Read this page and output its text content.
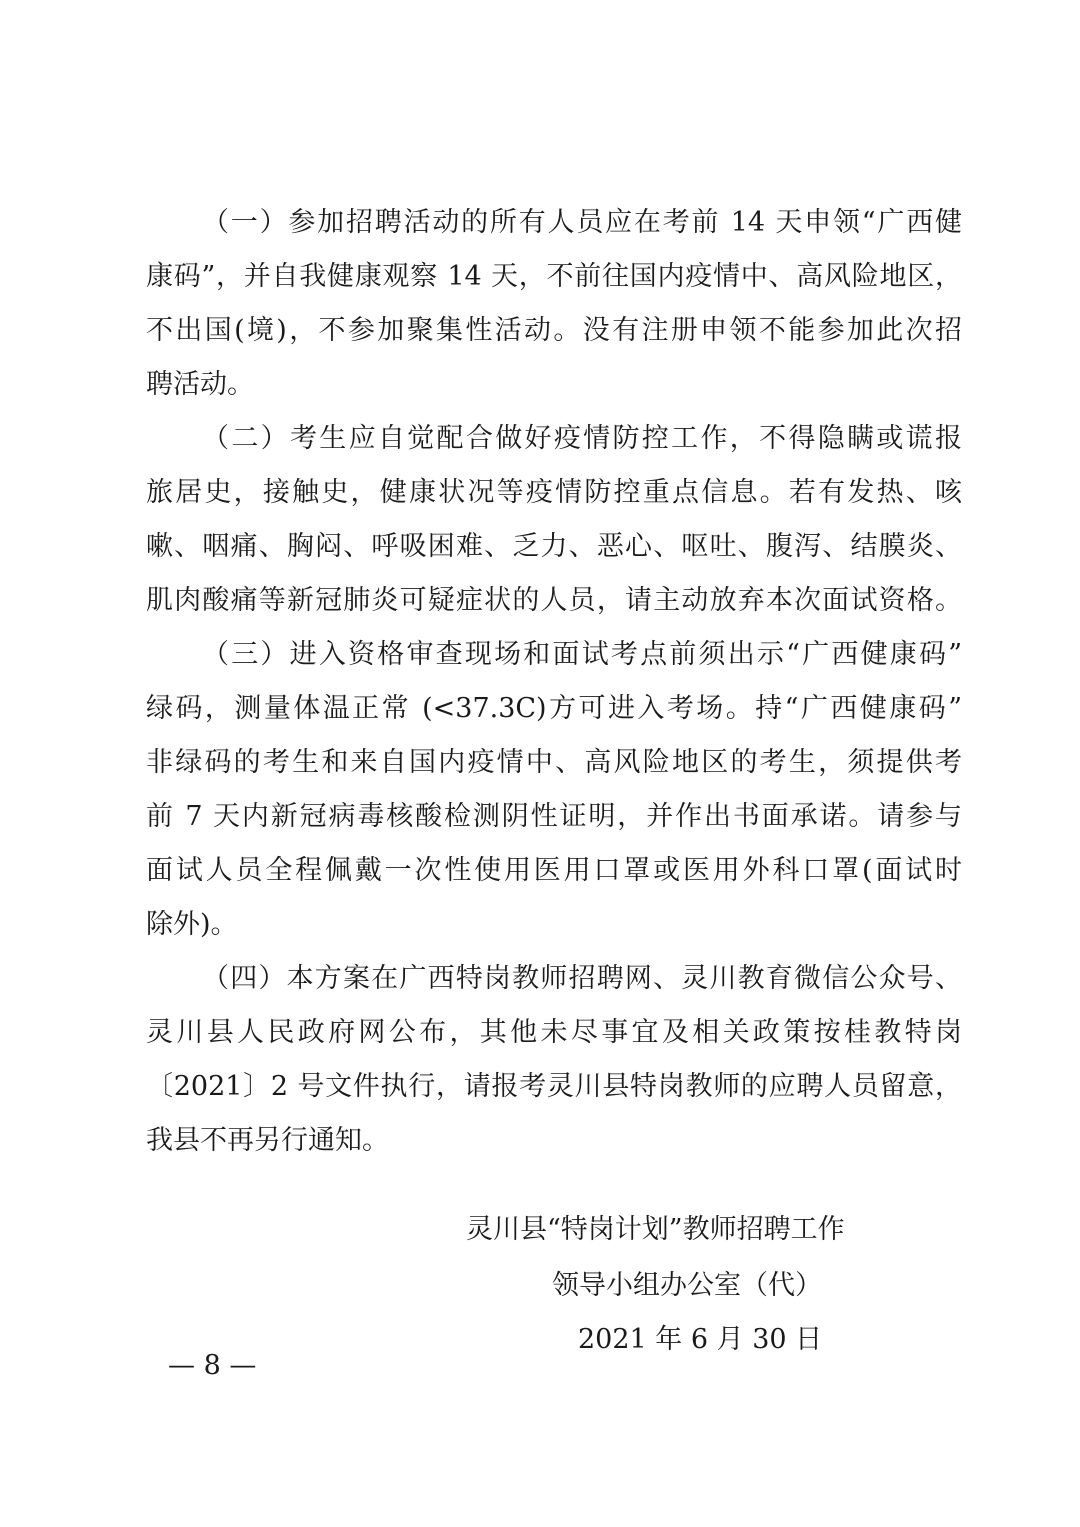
（一）参加招聘活动的所有人员应在考前 14 天申领“广西健
康码”，并自我健康观察 14 天，不前往国内疫情中、高风险地区，
不出国(境)，不参加聚集性活动。没有注册申领不能参加此次招
聘活动。
（二）考生应自觉配合做好疫情防控工作，不得隐瞒或谎报
旅居史，接触史，健康状况等疫情防控重点信息。若有发热、咳
嗽、咽痛、胸闷、呼吸困难、乏力、恶心、呕吐、腹泻、结膜炎、
肌肉酸痛等新冠肺炎可疑症状的人员，请主动放弃本次面试资格。
（三）进入资格审查现场和面试考点前须出示“广西健康码”
绿码，测量体温正常 (<37.3C)方可进入考场。持“广西健康码”
非绿码的考生和来自国内疫情中、高风险地区的考生，须提供考
前 7 天内新冠病毒核酸检测阴性证明，并作出书面承诺。请参与
面试人员全程佩戴一次性使用医用口罩或医用外科口罩(面试时
除外)。
（四）本方案在广西特岗教师招聘网、灵川教育微信公众号、
灵川县人民政府网公布，其他未尽事宜及相关政策按桂教特岗
〔2021〕2 号文件执行，请报考灵川县特岗教师的应聘人员留意，
我县不再另行通知。
灵川县“特岗计划”教师招聘工作
领导小组办公室（代）
2021 年 6 月 30 日
— 8 —
